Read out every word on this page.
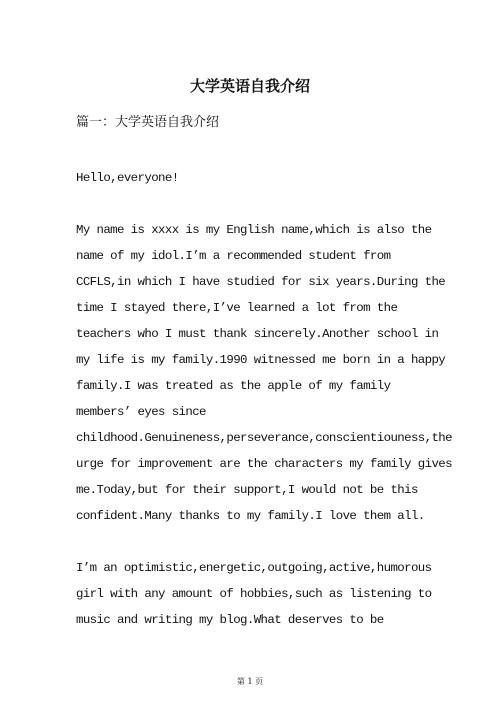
大学英语自我介绍

篇一：大学英语自我介绍

Hello,everyone!
My name is xxxx is my English name,which is also the
name of my idol.I’m a recommended student from
CCFLS,in which I have studied for six years.During the
time I stayed there,I’ve learned a lot from the
teachers who I must thank sincerely.Another school in
my life is my family.1990 witnessed me born in a happy
family.I was treated as the apple of my family
members’ eyes since
childhood.Genuineness,perseverance,conscientiouness,the
urge for improvement are the characters my family gives
me.Today,but for their support,I would not be this
confident.Many thanks to my family.I love them all.
I’m an optimistic,energetic,outgoing,active,humorous
girl with any amount of hobbies,such as listening to
music and writing my blog.What deserves to be
第 1 页
